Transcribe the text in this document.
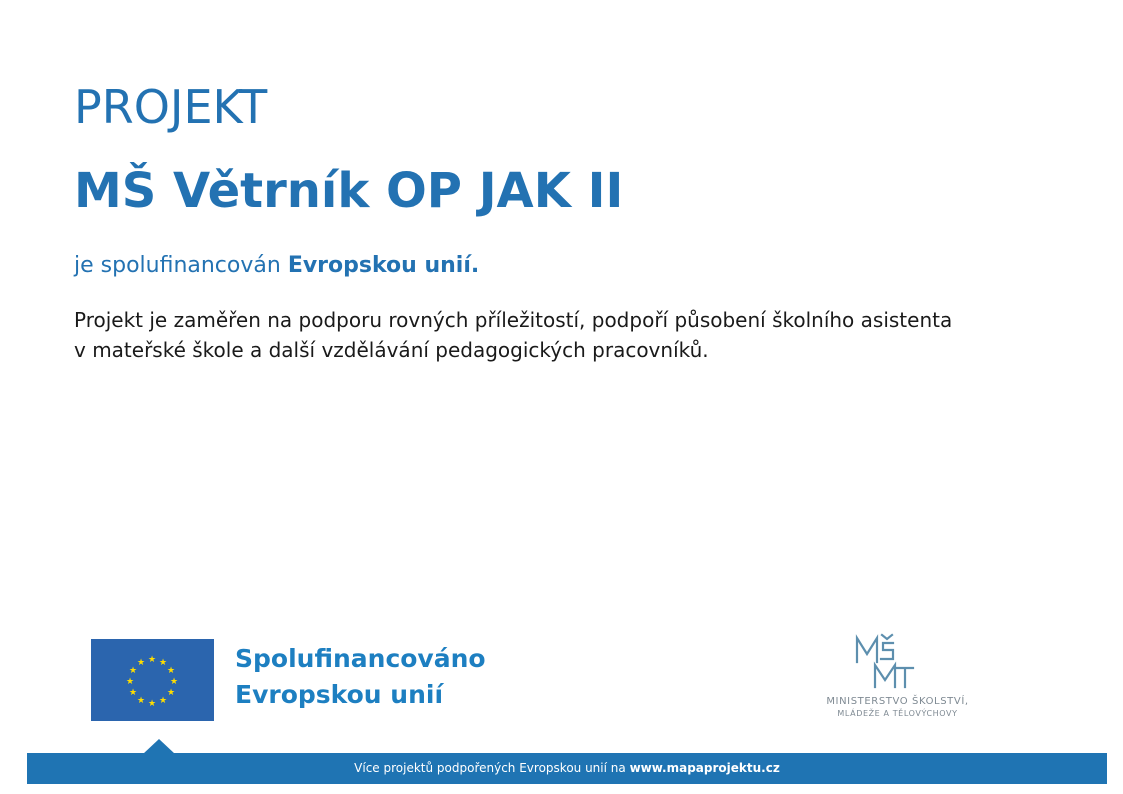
PROJEKT
MŠ Větrník OP JAK II
je spolufinancován Evropskou unií.
Projekt je zaměřen na podporu rovných příležitostí, podpoří působení školního asistenta
v mateřské škole a další vzdělávání pedagogických pracovníků.
★ ★
★
★
★
★
★
★
★
★
★
★	Spolufinancováno
Evropskou unií	MINISTERSTVO ŠKOLSTVÍ,
MLÁDEŽE A TĚLOVÝCHOVY
Více projektů podpořených Evropskou unií na www.mapaprojektu.cz
